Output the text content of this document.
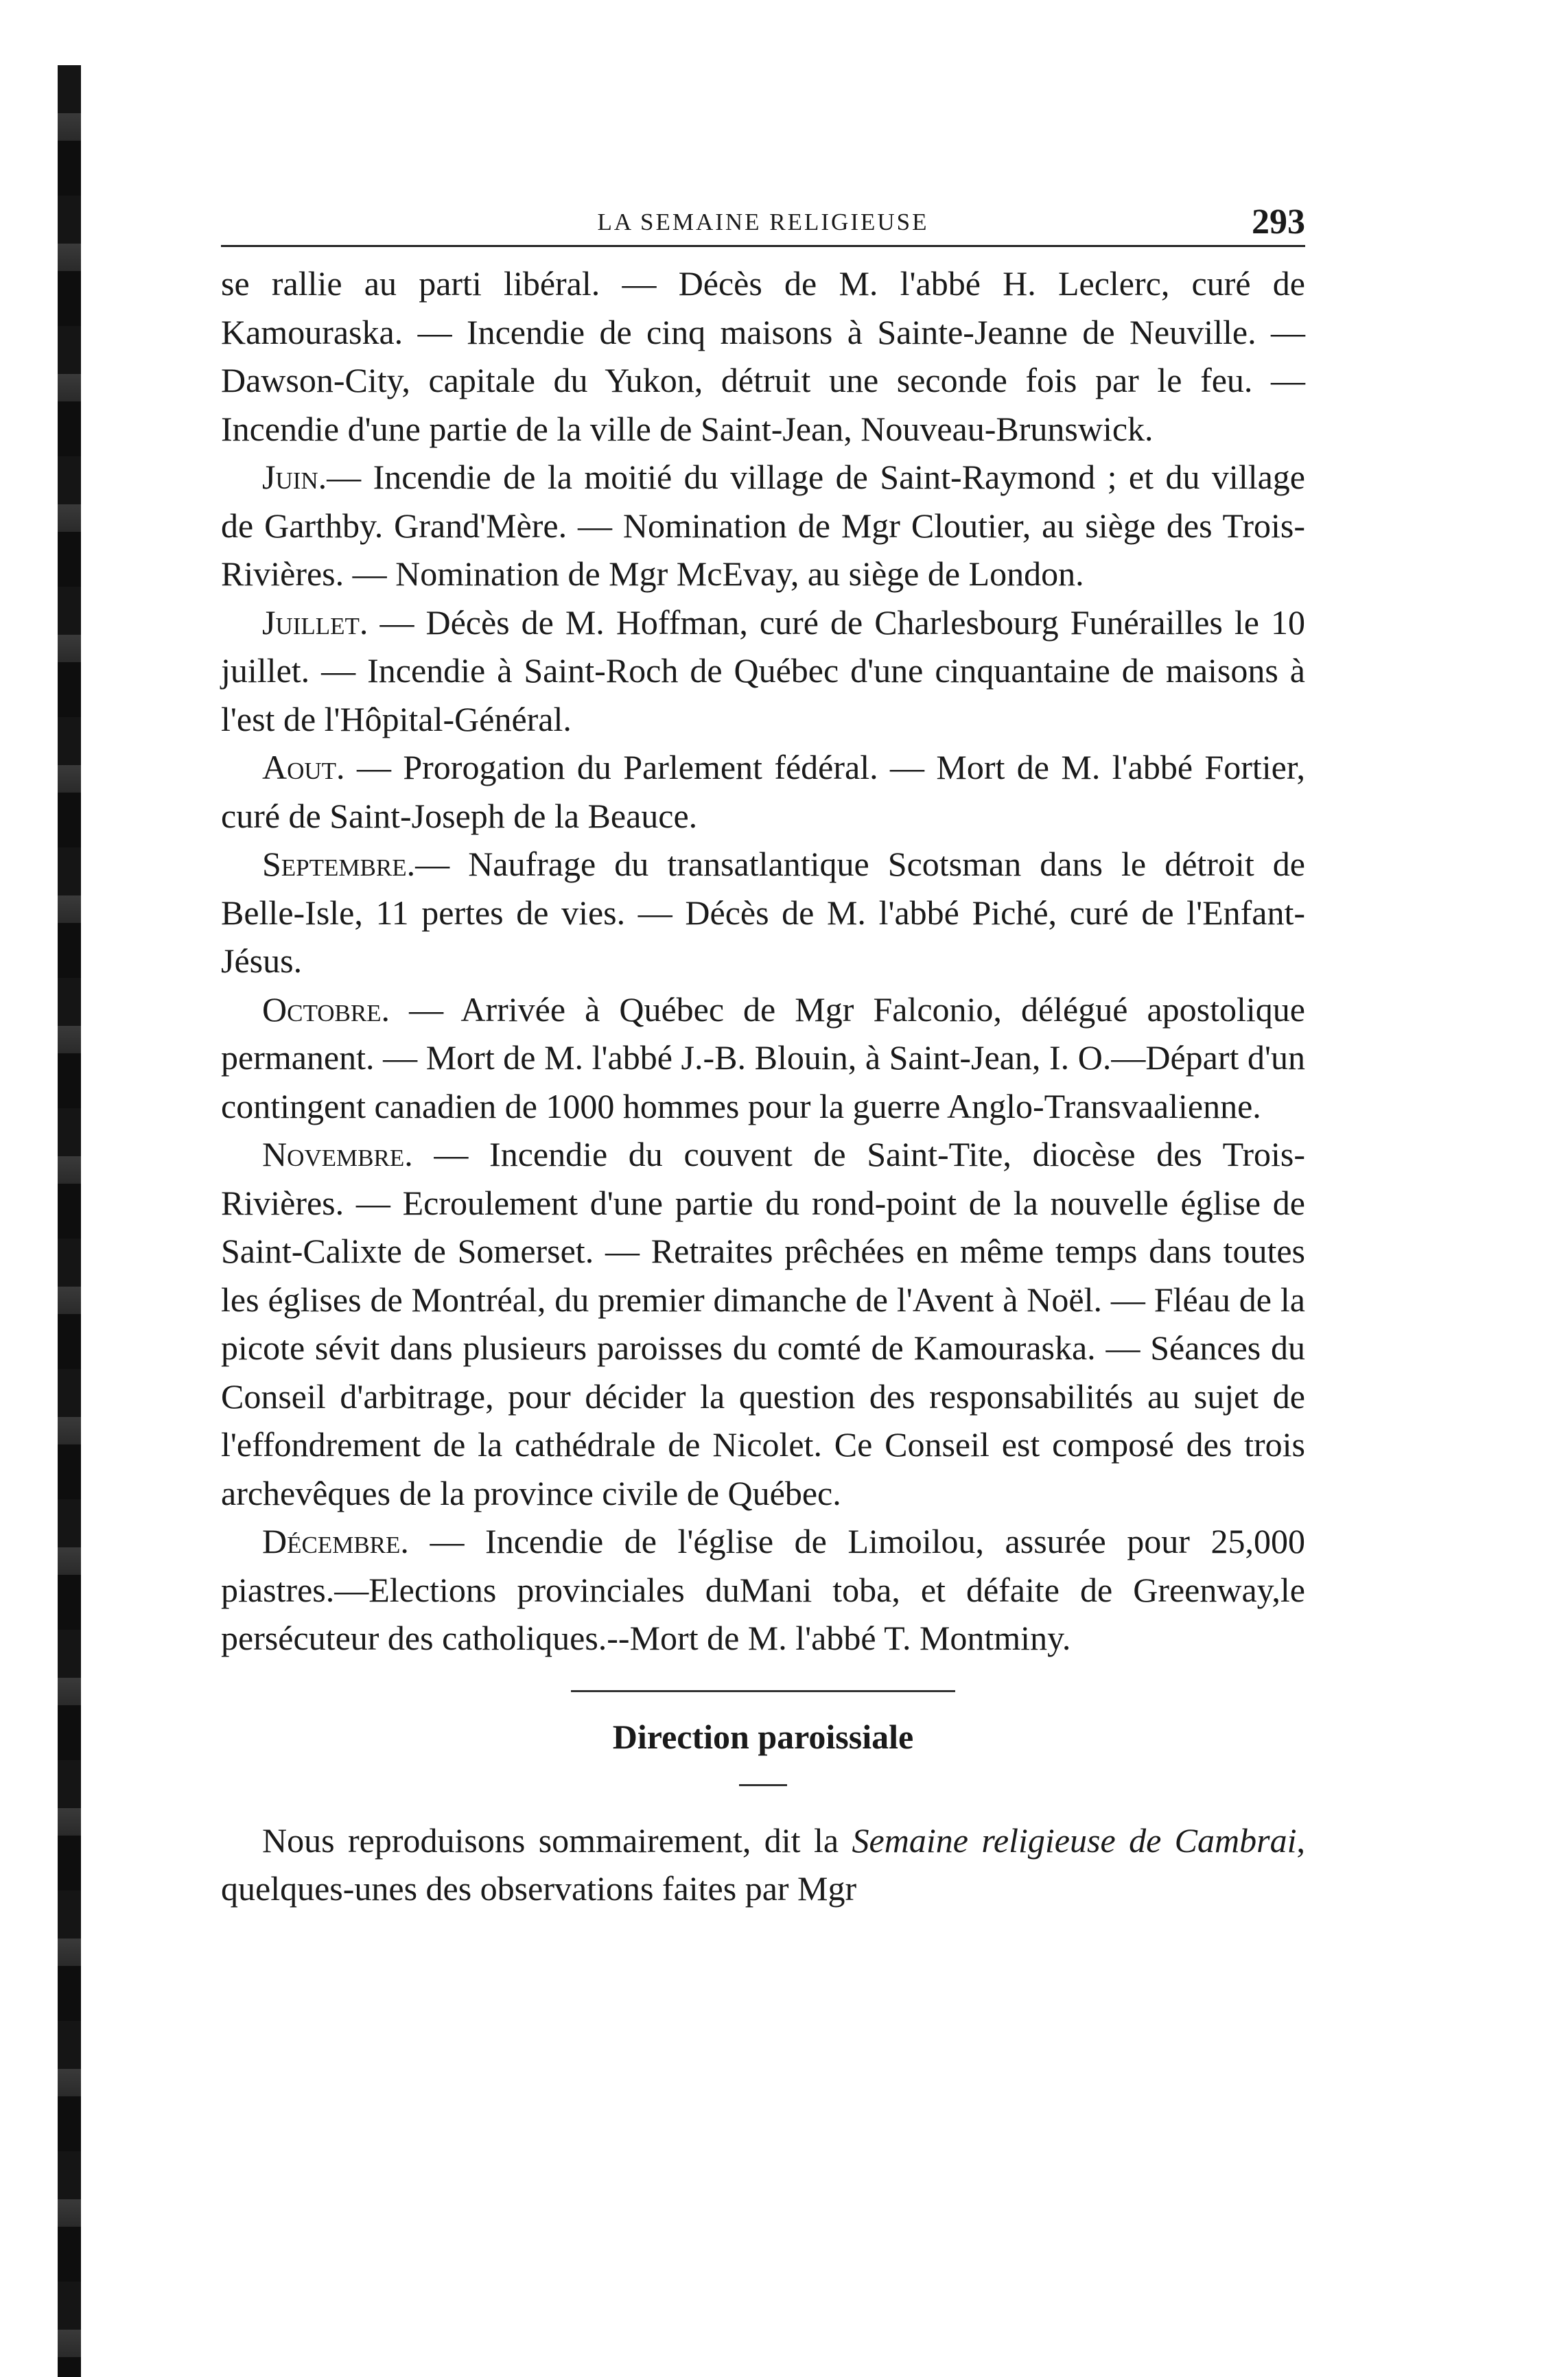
LA SEMAINE RELIGIEUSE	293

se rallie au parti libéral. — Décès de M. l'abbé H. Leclerc, curé de Kamouraska. — Incendie de cinq maisons à Sainte-Jeanne de Neuville. — Dawson-City, capitale du Yukon, détruit une seconde fois par le feu. — Incendie d'une partie de la ville de Saint-Jean, Nouveau-Brunswick.

Juin.— Incendie de la moitié du village de Saint-Raymond ; et du village de Garthby. Grand'Mère. — Nomination de Mgr Cloutier, au siège des Trois-Rivières. — Nomination de Mgr McEvay, au siège de London.

Juillet. — Décès de M. Hoffman, curé de Charlesbourg Funérailles le 10 juillet. — Incendie à Saint-Roch de Québec d'une cinquantaine de maisons à l'est de l'Hôpital-Général.

Aout. — Prorogation du Parlement fédéral. — Mort de M. l'abbé Fortier, curé de Saint-Joseph de la Beauce.

Septembre.— Naufrage du transatlantique Scotsman dans le détroit de Belle-Isle, 11 pertes de vies. — Décès de M. l'abbé Piché, curé de l'Enfant-Jésus.

Octobre. — Arrivée à Québec de Mgr Falconio, délégué apostolique permanent. — Mort de M. l'abbé J.-B. Blouin, à Saint-Jean, I. O.—Départ d'un contingent canadien de 1000 hommes pour la guerre Anglo-Transvaalienne.

Novembre. — Incendie du couvent de Saint-Tite, diocèse des Trois-Rivières. — Ecroulement d'une partie du rond-point de la nouvelle église de Saint-Calixte de Somerset. — Retraites prêchées en même temps dans toutes les églises de Montréal, du premier dimanche de l'Avent à Noël. — Fléau de la picote sévit dans plusieurs paroisses du comté de Kamouraska. — Séances du Conseil d'arbitrage, pour décider la question des responsabilités au sujet de l'effondrement de la cathédrale de Nicolet. Ce Conseil est composé des trois archevêques de la province civile de Québec.

Décembre. — Incendie de l'église de Limoilou, assurée pour 25,000 piastres.—Elections provinciales duMani toba, et défaite de Greenway,le persécuteur des catholiques.--Mort de M. l'abbé T. Montminy.

Direction paroissiale

Nous reproduisons sommairement, dit la Semaine religieuse de Cambrai, quelques-unes des observations faites par Mgr
